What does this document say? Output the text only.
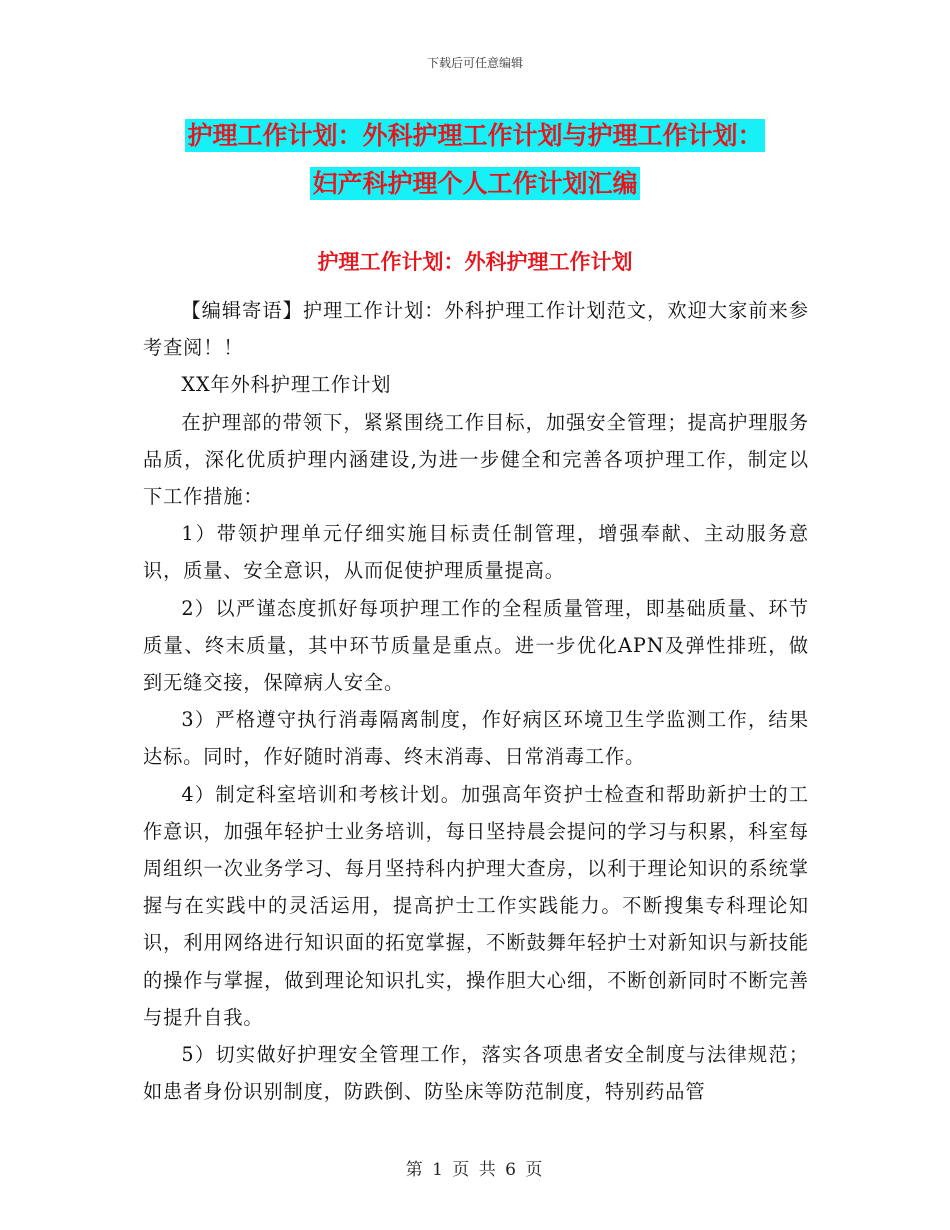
下载后可任意编辑
护理工作计划：外科护理工作计划与护理工作计划：
妇产科护理个人工作计划汇编
护理工作计划：外科护理工作计划

【编辑寄语】护理工作计划：外科护理工作计划范文，欢迎大家前来参考查阅！！

XX年外科护理工作计划

在护理部的带领下，紧紧围绕工作目标，加强安全管理；提高护理服务品质，深化优质护理内涵建设,为进一步健全和完善各项护理工作，制定以下工作措施：

1）带领护理单元仔细实施目标责任制管理，增强奉献、主动服务意识，质量、安全意识，从而促使护理质量提高。

2）以严谨态度抓好每项护理工作的全程质量管理，即基础质量、环节质量、终末质量，其中环节质量是重点。进一步优化APN及弹性排班，做到无缝交接，保障病人安全。

3）严格遵守执行消毒隔离制度，作好病区环境卫生学监测工作，结果达标。同时，作好随时消毒、终末消毒、日常消毒工作。

4）制定科室培训和考核计划。加强高年资护士检查和帮助新护士的工作意识，加强年轻护士业务培训，每日坚持晨会提问的学习与积累，科室每周组织一次业务学习、每月坚持科内护理大查房，以利于理论知识的系统掌握与在实践中的灵活运用，提高护士工作实践能力。不断搜集专科理论知识，利用网络进行知识面的拓宽掌握，不断鼓舞年轻护士对新知识与新技能的操作与掌握，做到理论知识扎实，操作胆大心细，不断创新同时不断完善与提升自我。

5）切实做好护理安全管理工作，落实各项患者安全制度与法律规范；如患者身份识别制度，防跌倒、防坠床等防范制度，特别药品管

第 1 页 共 6 页
